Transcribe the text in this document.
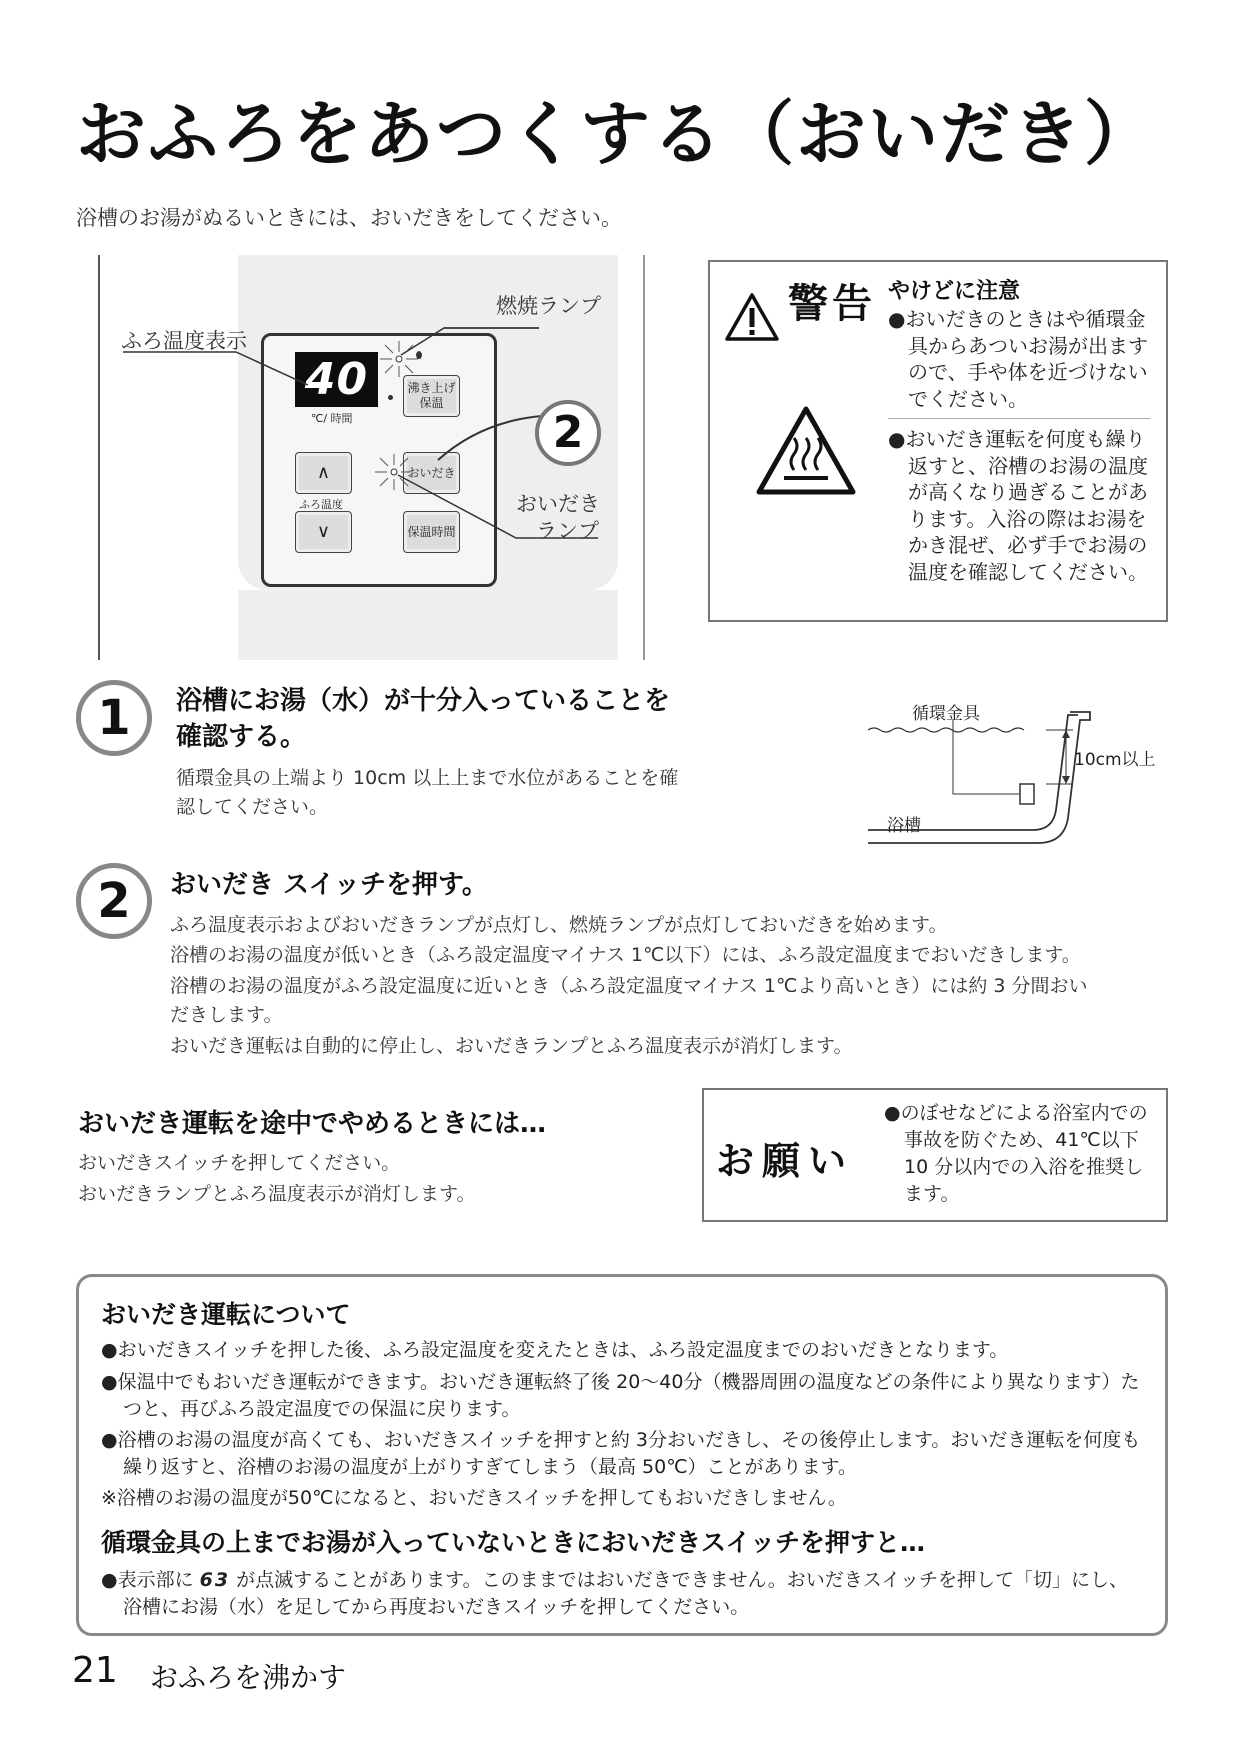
おふろをあつくする（おいだき）
浴槽のお湯がぬるいときには、おいだきをしてください。
40
℃/ 時間
沸き上げ
保温
おいだき
保温時間
∧
ふろ温度
∨
燃焼ランプ
ふろ温度表示
おいだき
ランプ
2
警告 やけどに注意
●おいだきのときはや循環金具からあついお湯が出ますので、手や体を近づけないでください。
●おいだき運転を何度も繰り返すと、浴槽のお湯の温度が高くなり過ぎることがあります。入浴の際はお湯をかき混ぜ、必ず手でお湯の温度を確認してください。
1	浴槽にお湯（水）が十分入っていることを
確認する。
循環金具の上端より 10cm 以上上まで水位があることを確
認してください。
循環金具
10cm以上
浴槽
2	おいだき スイッチを押す。
ふろ温度表示およびおいだきランプが点灯し、燃焼ランプが点灯しておいだきを始めます。
浴槽のお湯の温度が低いとき（ふろ設定温度マイナス 1℃以下）には、ふろ設定温度までおいだきします。
浴槽のお湯の温度がふろ設定温度に近いとき（ふろ設定温度マイナス 1℃より高いとき）には約 3 分間おい
だきします。
おいだき運転は自動的に停止し、おいだきランプとふろ温度表示が消灯します。
おいだき運転を途中でやめるときには…
おいだきスイッチを押してください。
おいだきランプとふろ温度表示が消灯します。
お願い
●のぼせなどによる浴室内での事故を防ぐため、41℃以下 10 分以内での入浴を推奨します。
おいだき運転について
●おいだきスイッチを押した後、ふろ設定温度を変えたときは、ふろ設定温度までのおいだきとなります。
●保温中でもおいだき運転ができます。おいだき運転終了後 20～40分（機器周囲の温度などの条件により異なります）たつと、再びふろ設定温度での保温に戻ります。
●浴槽のお湯の温度が高くても、おいだきスイッチを押すと約 3分おいだきし、その後停止します。おいだき運転を何度も繰り返すと、浴槽のお湯の温度が上がりすぎてしまう（最高 50℃）ことがあります。
※浴槽のお湯の温度が50℃になると、おいだきスイッチを押してもおいだきしません。
循環金具の上までお湯が入っていないときにおいだきスイッチを押すと…
●表示部に 63 が点滅することがあります。このままではおいだきできません。おいだきスイッチを押して「切」にし、浴槽にお湯（水）を足してから再度おいだきスイッチを押してください。
21 おふろを沸かす
